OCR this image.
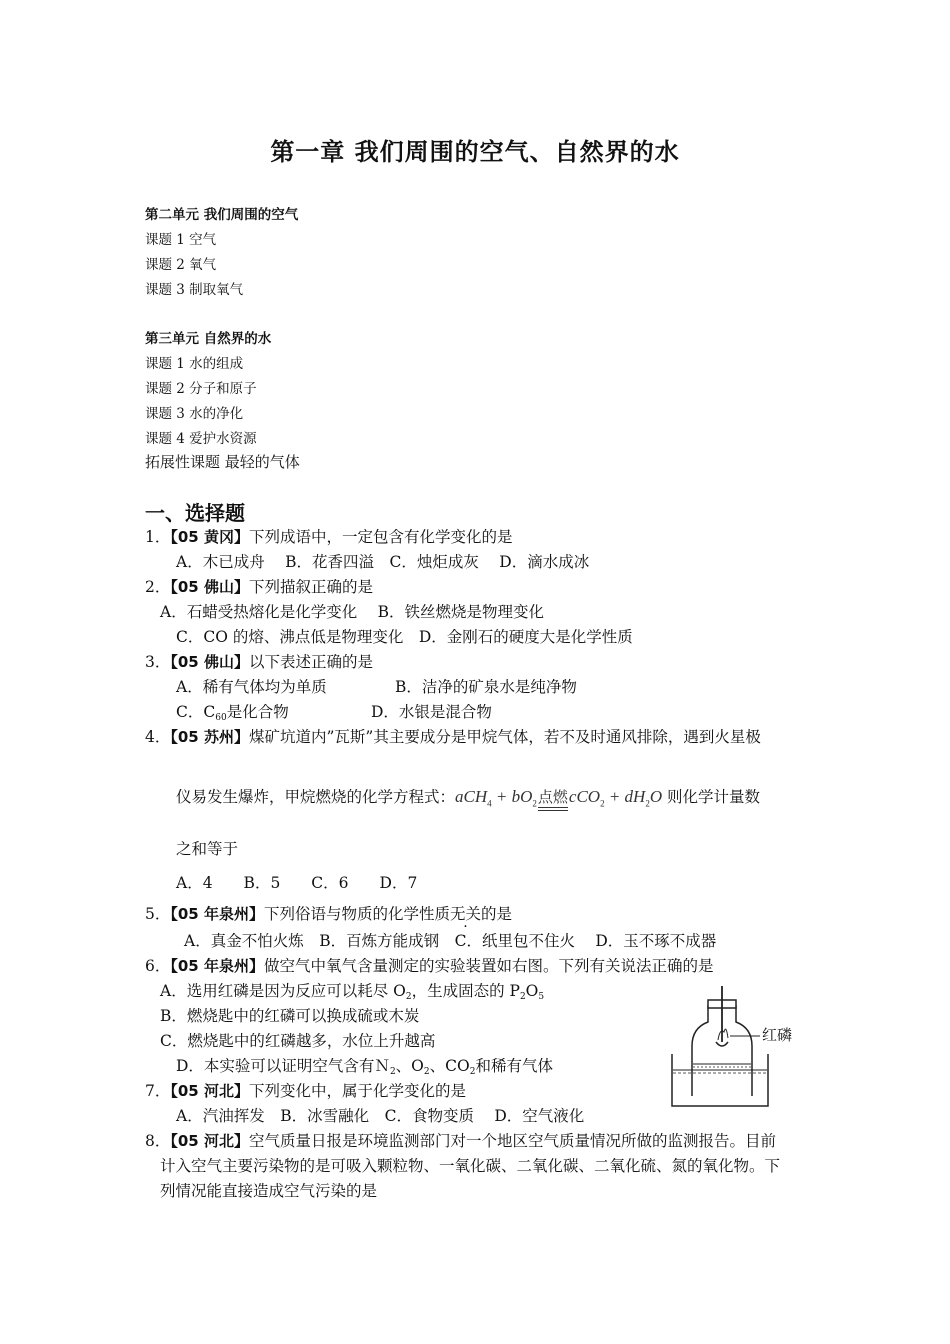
第一章 我们周围的空气、自然界的水
第二单元 我们周围的空气
课题 1 空气
课题 2 氧气
课题 3 制取氧气
第三单元 自然界的水
课题 1 水的组成
课题 2 分子和原子
课题 3 水的净化
课题 4 爱护水资源
拓展性课题 最轻的气体
一、选择题
1．【05 黄冈】下列成语中，一定包含有化学变化的是
A．木已成舟　 B．花香四溢　C．烛炬成灰　 D．滴水成冰
2．【05 佛山】下列描叙正确的是
A．石蜡受热熔化是化学变化　 B．铁丝燃烧是物理变化
C．CO 的熔、沸点低是物理变化　D．金刚石的硬度大是化学性质
3．【05 佛山】以下表述正确的是
A．稀有气体均为单质	B．洁净的矿泉水是纯净物
C．C60是化合物	D．水银是混合物
4．【05 苏州】煤矿坑道内”瓦斯”其主要成分是甲烷气体，若不及时通风排除，遇到火星极
仪易发生爆炸，甲烷燃烧的化学方程式：$aCH_4 + bO_2$点燃$cCO_2 + dH_2O$ 则化学计量数
之和等于
A．4　　B．5　　C．6　　D．7
5．【05 年泉州】下列俗语与物质的化学性质无关的是
A．真金不怕火炼　B．百炼方能成钢　C．纸里包不住火　 D．玉不琢不成器
6．【05 年泉州】做空气中氧气含量测定的实验装置如右图。下列有关说法正确的是
A．选用红磷是因为反应可以耗尽 O2，生成固态的 P2O5
B．燃烧匙中的红磷可以换成硫或木炭
C．燃烧匙中的红磷越多，水位上升越高
D．本实验可以证明空气含有Ｎ2、O2、CO2和稀有气体
红磷
7．【05 河北】下列变化中，属于化学变化的是
A．汽油挥发　B．冰雪融化　C．食物变质　 D．空气液化
8．【05 河北】空气质量日报是环境监测部门对一个地区空气质量情况所做的监测报告。目前
计入空气主要污染物的是可吸入颗粒物、一氧化碳、二氧化碳、二氧化硫、氮的氧化物。下
列情况能直接造成空气污染的是
